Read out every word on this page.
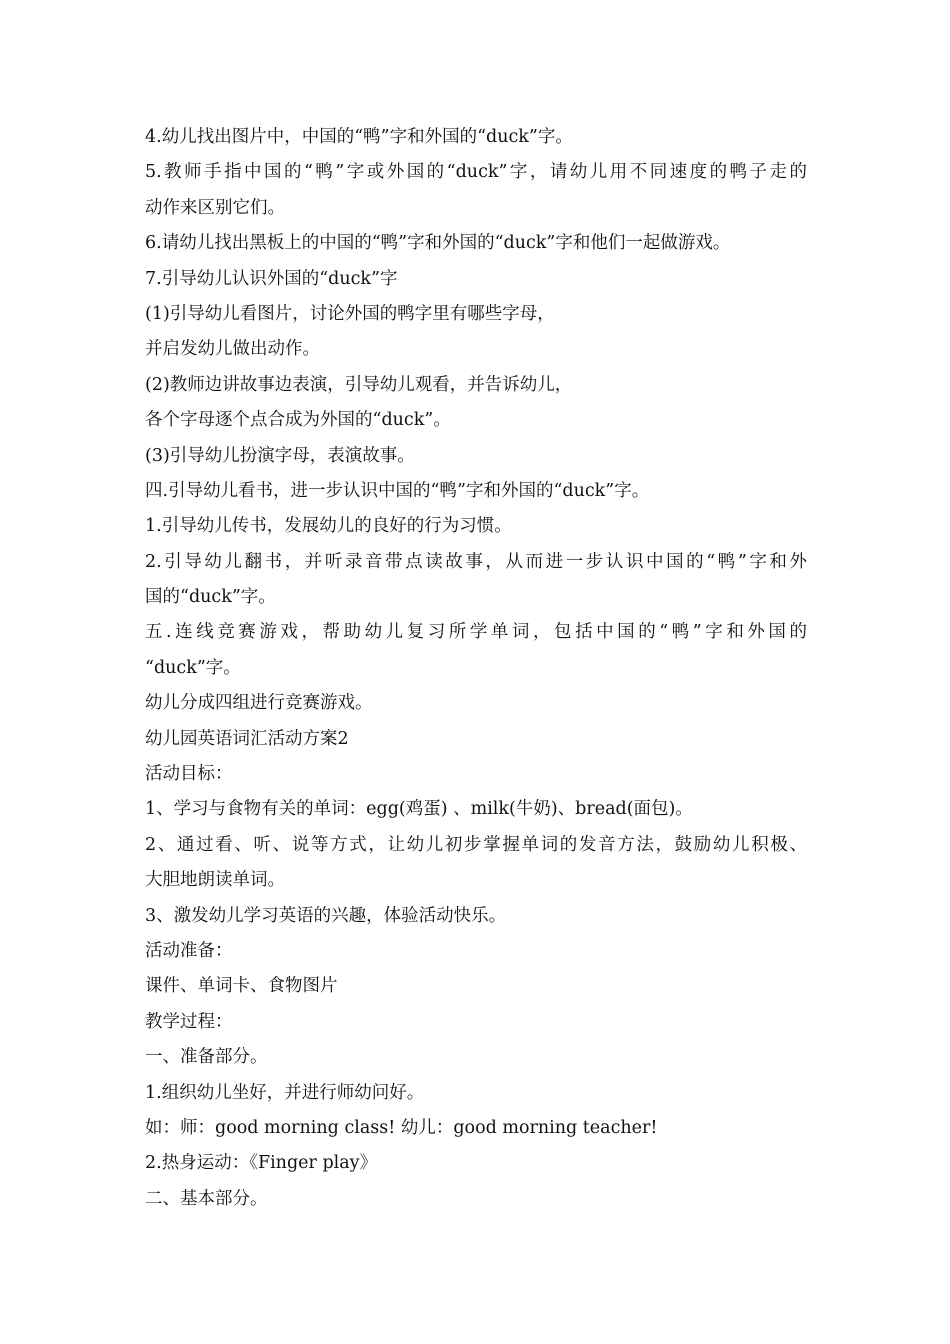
4.幼儿找出图片中，中国的“鸭”字和外国的“duck”字。
5.教师手指中国的“鸭”字或外国的“duck”字，请幼儿用不同速度的鸭子走的
动作来区别它们。
6.请幼儿找出黑板上的中国的“鸭”字和外国的“duck”字和他们一起做游戏。
7.引导幼儿认识外国的“duck”字
(1)引导幼儿看图片，讨论外国的鸭字里有哪些字母，
并启发幼儿做出动作。
(2)教师边讲故事边表演，引导幼儿观看，并告诉幼儿，
各个字母逐个点合成为外国的“duck”。
(3)引导幼儿扮演字母，表演故事。
四.引导幼儿看书，进一步认识中国的“鸭”字和外国的“duck”字。
1.引导幼儿传书，发展幼儿的良好的行为习惯。
2.引导幼儿翻书，并听录音带点读故事，从而进一步认识中国的“鸭”字和外
国的“duck”字。
五.连线竞赛游戏，帮助幼儿复习所学单词，包括中国的“鸭”字和外国的
“duck”字。
幼儿分成四组进行竞赛游戏。
幼儿园英语词汇活动方案2
活动目标：
1、学习与食物有关的单词：egg(鸡蛋) 、milk(牛奶)、bread(面包)。
2、通过看、听、说等方式，让幼儿初步掌握单词的发音方法，鼓励幼儿积极、
大胆地朗读单词。
3、激发幼儿学习英语的兴趣，体验活动快乐。
活动准备：
课件、单词卡、食物图片
教学过程：
一、准备部分。
1.组织幼儿坐好，并进行师幼问好。
如：师：good morning class! 幼儿：good morning teacher!
2.热身运动：《Finger play》
二、基本部分。
